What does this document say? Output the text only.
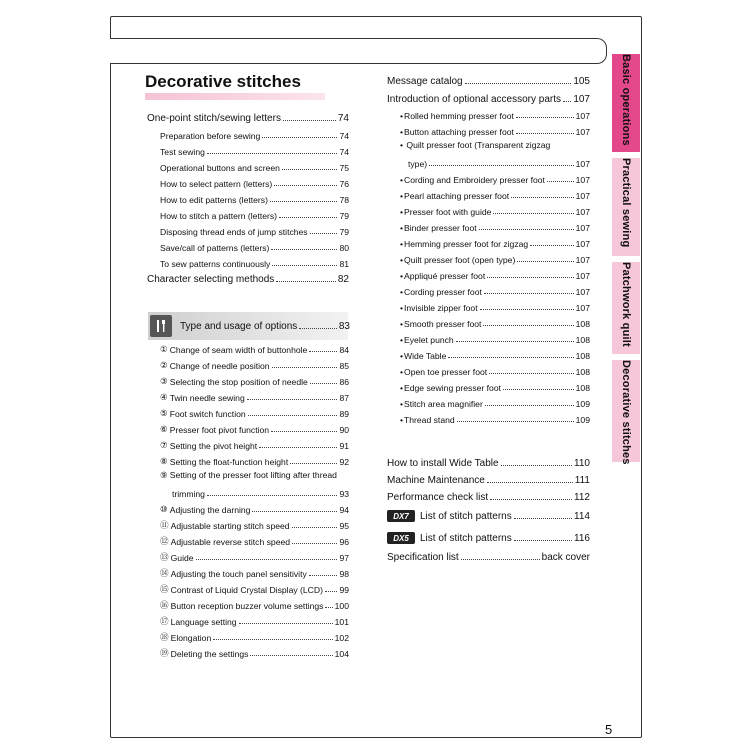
Basic operations
Practical sewing
Patchwork quilt
Decorative stitches
Decorative stitches
One-point stitch/sewing letters	74
Preparation before sewing	74
Test sewing	74
Operational buttons and screen	75
How to select pattern (letters)	76
How to edit patterns (letters)	78
How to stitch a pattern (letters)	79
Disposing thread ends of jump stitches	79
Save/call of patterns (letters)	80
To sew patterns continuously	81
Character selecting methods	82
Type and usage of options	83
① Change of seam width of buttonhole	84
② Change of needle position	85
③ Selecting the stop position of needle	86
④ Twin needle sewing	87
⑤ Foot switch function	89
⑥ Presser foot pivot function	90
⑦ Setting the pivot height	91
⑧ Setting the float-function height	92
⑨ Setting of the presser foot lifting after thread
trimming	93
⑩ Adjusting the darning	94
⑪ Adjustable starting stitch speed	95
⑫ Adjustable reverse stitch speed	96
⑬ Guide	97
⑭ Adjusting the touch panel sensitivity	98
⑮ Contrast of Liquid Crystal Display (LCD) 99
⑯ Button reception buzzer volume settings 100
⑰ Language setting	101
⑱ Elongation	102
⑲ Deleting the settings	104
Message catalog	105
Introduction of optional accessory parts 107
• Rolled hemming presser foot	107
• Button attaching presser foot	107
• Quilt presser foot (Transparent zigzag
type)	107
• Cording and Embroidery presser foot	107
• Pearl attaching presser foot	107
• Presser foot with guide	107
• Binder presser foot	107
• Hemming presser foot for zigzag	107
• Quilt presser foot (open type)	107
• Appliqué presser foot	107
• Cording presser foot	107
• Invisible zipper foot	107
• Smooth presser foot	108
• Eyelet punch	108
• Wide Table	108
• Open toe presser foot	108
• Edge sewing presser foot	108
• Stitch area magnifier	109
• Thread stand	109
How to install Wide Table	110
Machine Maintenance	111
Performance check list	112
DX7	List of stitch patterns	114
DX5	List of stitch patterns	116
Specification list	back cover
5
